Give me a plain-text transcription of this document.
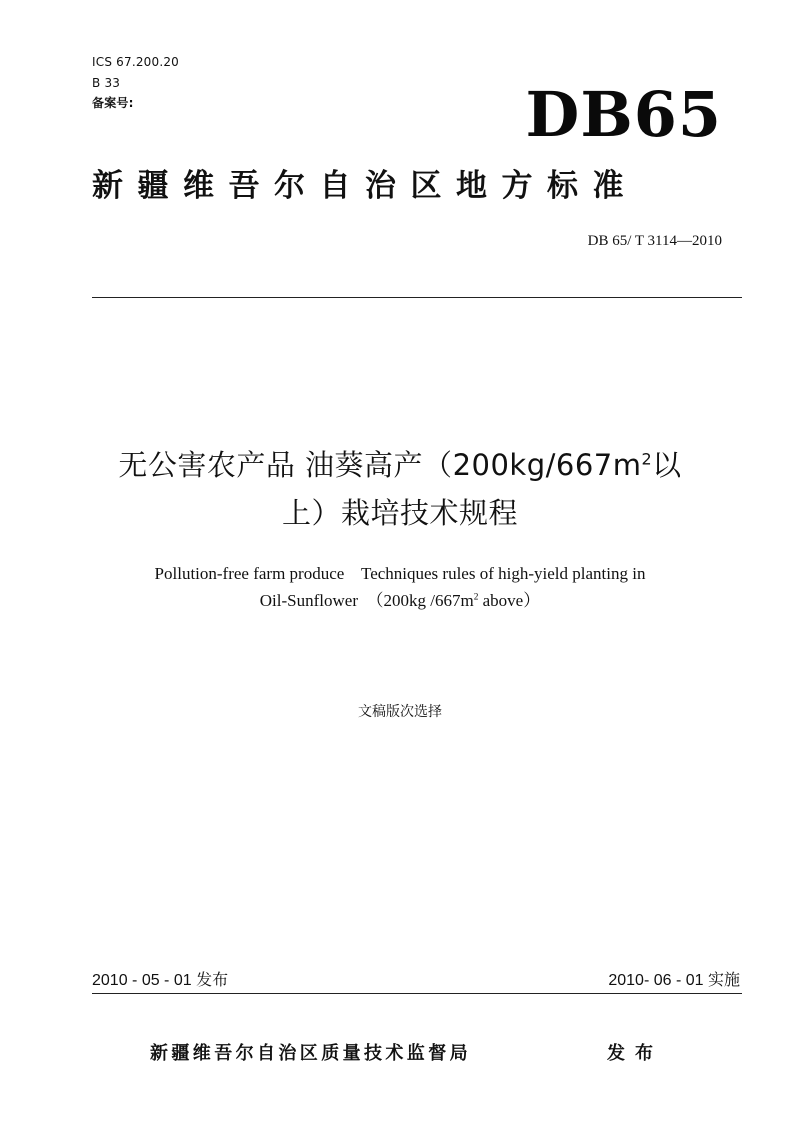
ICS 67.200.20
B 33
备案号:	DB65
新疆维吾尔自治区地方标准
DB 65/ T 3114—2010
无公害农产品 油葵高产（$200kg/667m^2$以
上）栽培技术规程
Pollution-free farm produce    Techniques rules of high-yield planting in
Oil-Sunflower  （200kg $/667m^2$ above）
文稿版次选择
2010 - 05 - 01 发布	2010- 06 - 01 实施
新疆维吾尔自治区质量技术监督局	发布
